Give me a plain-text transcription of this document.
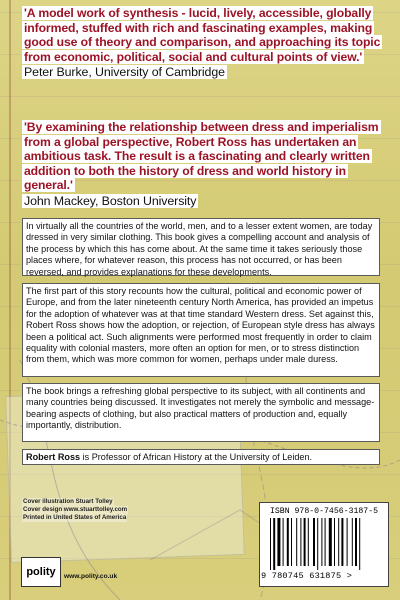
'A model work of synthesis - lucid, lively, accessible, globally informed, stuffed with rich and fascinating examples, making good use of theory and comparison, and approaching its topic from economic, political, social and cultural points of view.'
Peter Burke, University of Cambridge
'By examining the relationship between dress and imperialism from a global perspective, Robert Ross has undertaken an ambitious task. The result is a fascinating and clearly written addition to both the history of dress and world history in general.'
John Mackey, Boston University
In virtually all the countries of the world, men, and to a lesser extent women, are today dressed in very similar clothing. This book gives a compelling account and analysis of the process by which this has come about. At the same time it takes seriously those places where, for whatever reason, this process has not occurred, or has been reversed, and provides explanations for these developments.
The first part of this story recounts how the cultural, political and economic power of Europe, and from the later nineteenth century North America, has provided an impetus for the adoption of whatever was at that time standard Western dress. Set against this, Robert Ross shows how the adoption, or rejection, of European style dress has always been a political act. Such alignments were performed most frequently in order to claim equality with colonial masters, more often an option for men, or to stress distinction from them, which was more common for women, perhaps under male duress.
The book brings a refreshing global perspective to its subject, with all continents and many countries being discussed. It investigates not merely the symbolic and message-bearing aspects of clothing, but also practical matters of production and, equally importantly, distribution.
Robert Ross is Professor of African History at the University of Leiden.
Cover illustration Stuart Tolley
Cover design www.stuarttolley.com
Printed in United States of America
polity	www.polity.co.uk
ISBN 978-0-7456-3187-5
9 780745 631875 >
